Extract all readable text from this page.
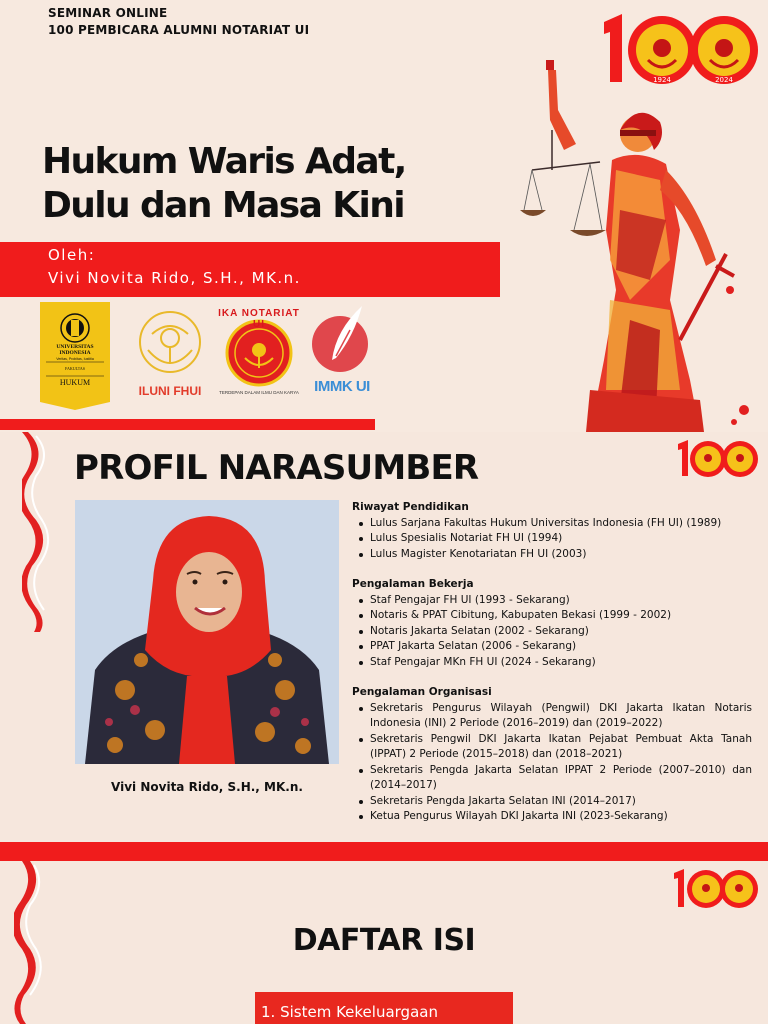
SEMINAR ONLINE
100 PEMBICARA ALUMNI NOTARIAT UI
Hukum Waris Adat,
Dulu dan Masa Kini
Oleh:
Vivi Novita Rido, S.H., MK.n.
UNIVERSITAS
INDONESIA
Veritas, Probitas, Iustitia
FAKULTAS
HUKUM
ILUNI FHUI
IKA NOTARIAT UI
TERDEPAN DALAM ILMU DAN KARYA	IMMK UI
1924	2024
PROFIL NARASUMBER
Vivi Novita Rido, S.H., MK.n.
Riwayat Pendidikan
Lulus Sarjana Fakultas Hukum Universitas Indonesia (FH UI) (1989)
Lulus Spesialis Notariat FH UI (1994)
Lulus Magister Kenotariatan FH UI (2003)
Pengalaman Bekerja
Staf Pengajar FH UI (1993 - Sekarang)
Notaris & PPAT Cibitung, Kabupaten Bekasi (1999 - 2002)
Notaris Jakarta Selatan (2002 - Sekarang)
PPAT Jakarta Selatan (2006 - Sekarang)
Staf Pengajar MKn FH UI (2024 - Sekarang)
Pengalaman Organisasi
Sekretaris Pengurus Wilayah (Pengwil) DKI Jakarta Ikatan Notaris Indonesia (INI) 2 Periode (2016–2019) dan (2019–2022)
Sekretaris Pengwil DKI Jakarta Ikatan Pejabat Pembuat Akta Tanah (IPPAT) 2 Periode (2015–2018) dan (2018–2021)
Sekretaris Pengda Jakarta Selatan IPPAT 2 Periode (2007–2010) dan (2014–2017)
Sekretaris Pengda Jakarta Selatan INI (2014–2017)
Ketua Pengurus Wilayah DKI Jakarta INI (2023-Sekarang)
DAFTAR ISI
1. Sistem Kekeluargaan
